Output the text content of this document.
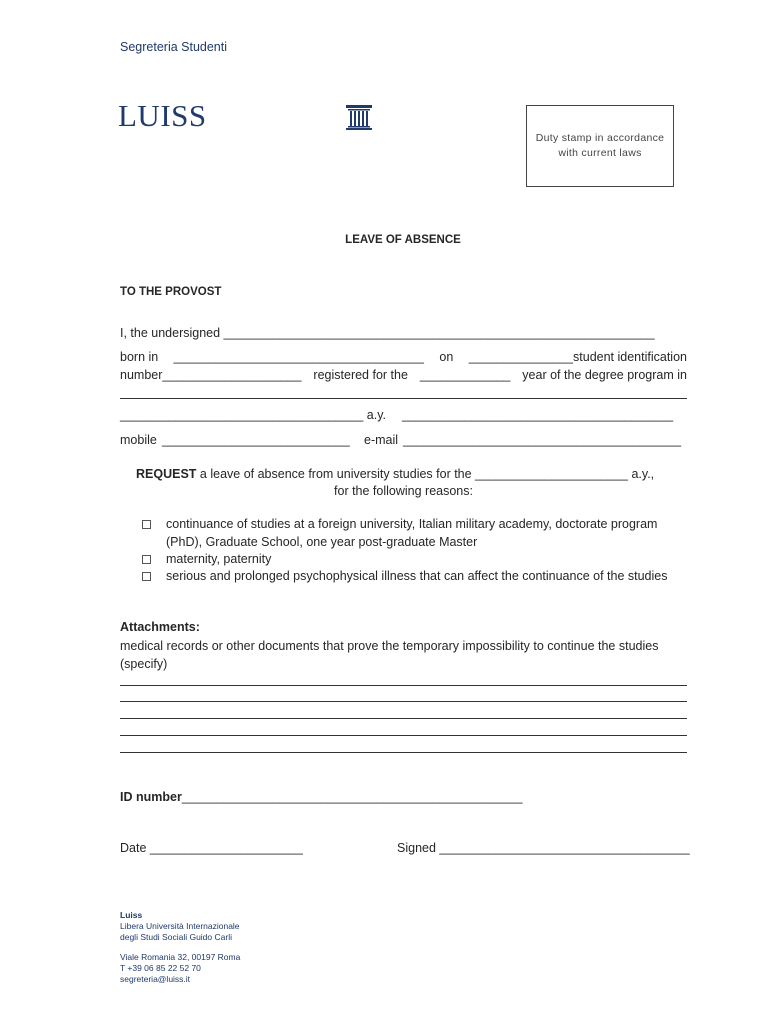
Segreteria Studenti
LUISS
Duty stamp in accordance with current laws
LEAVE OF ABSENCE
TO THE PROVOST
I, the undersigned ______________________________________________________________
born in ____________________________________ on _______________student identification
number____________________ registered for the _____________ year of the degree program in
___________________________________ a.y. _______________________________________
mobile ___________________________ e-mail ________________________________________
REQUEST a leave of absence from university studies for the ______________________ a.y.,
for the following reasons:
continuance of studies at a foreign university, Italian military academy, doctorate program (PhD), Graduate School, one year post-graduate Master
maternity, paternity
serious and prolonged psychophysical illness that can affect the continuance of the studies
Attachments:
medical records or other documents that prove the temporary impossibility to continue the studies (specify)
ID number_________________________________________________
Date ______________________	Signed ____________________________________
Luiss
Libera Università Internazionale
degli Studi Sociali Guido Carli
Viale Romania 32, 00197 Roma
T +39 06 85 22 52 70
segreteria@luiss.it
